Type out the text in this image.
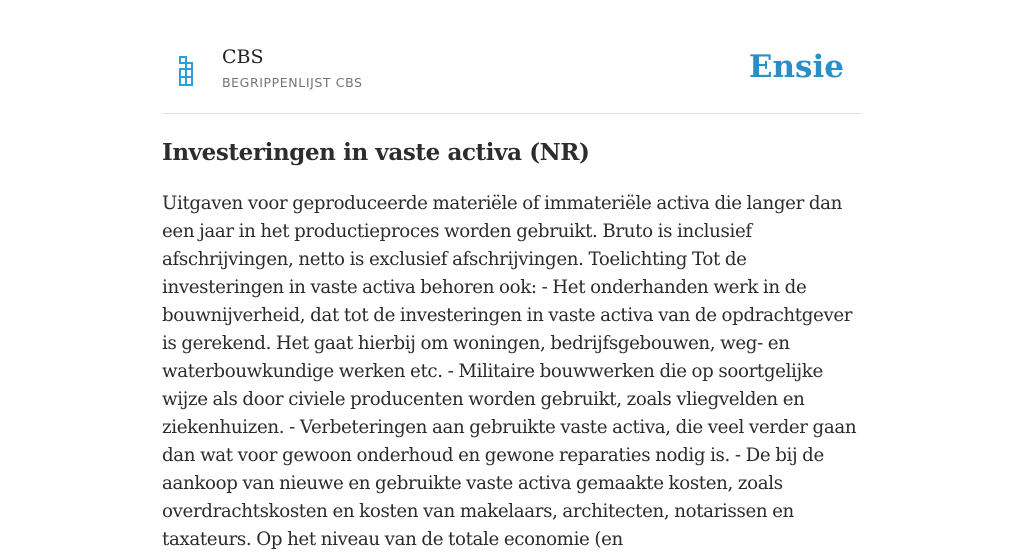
CBS
BEGRIPPENLIJST CBS	Ensie
Investeringen in vaste activa (NR)

Uitgaven voor geproduceerde materiële of immateriële activa die langer dan een jaar in het productieproces worden gebruikt. Bruto is inclusief afschrijvingen, netto is exclusief afschrijvingen. Toelichting Tot de investeringen in vaste activa behoren ook: - Het onderhanden werk in de bouwnijverheid, dat tot de investeringen in vaste activa van de opdrachtgever is gerekend. Het gaat hierbij om woningen, bedrijfsgebouwen, weg- en waterbouwkundige werken etc. - Militaire bouwwerken die op soortgelijke wijze als door civiele producenten worden gebruikt, zoals vliegvelden en ziekenhuizen. - Verbeteringen aan gebruikte vaste activa, die veel verder gaan dan wat voor gewoon onderhoud en gewone reparaties nodig is. - De bij de aankoop van nieuwe en gebruikte vaste activa gemaakte kosten, zoals overdrachtskosten en kosten van makelaars, architecten, notarissen en taxateurs. Op het niveau van de totale economie (en
